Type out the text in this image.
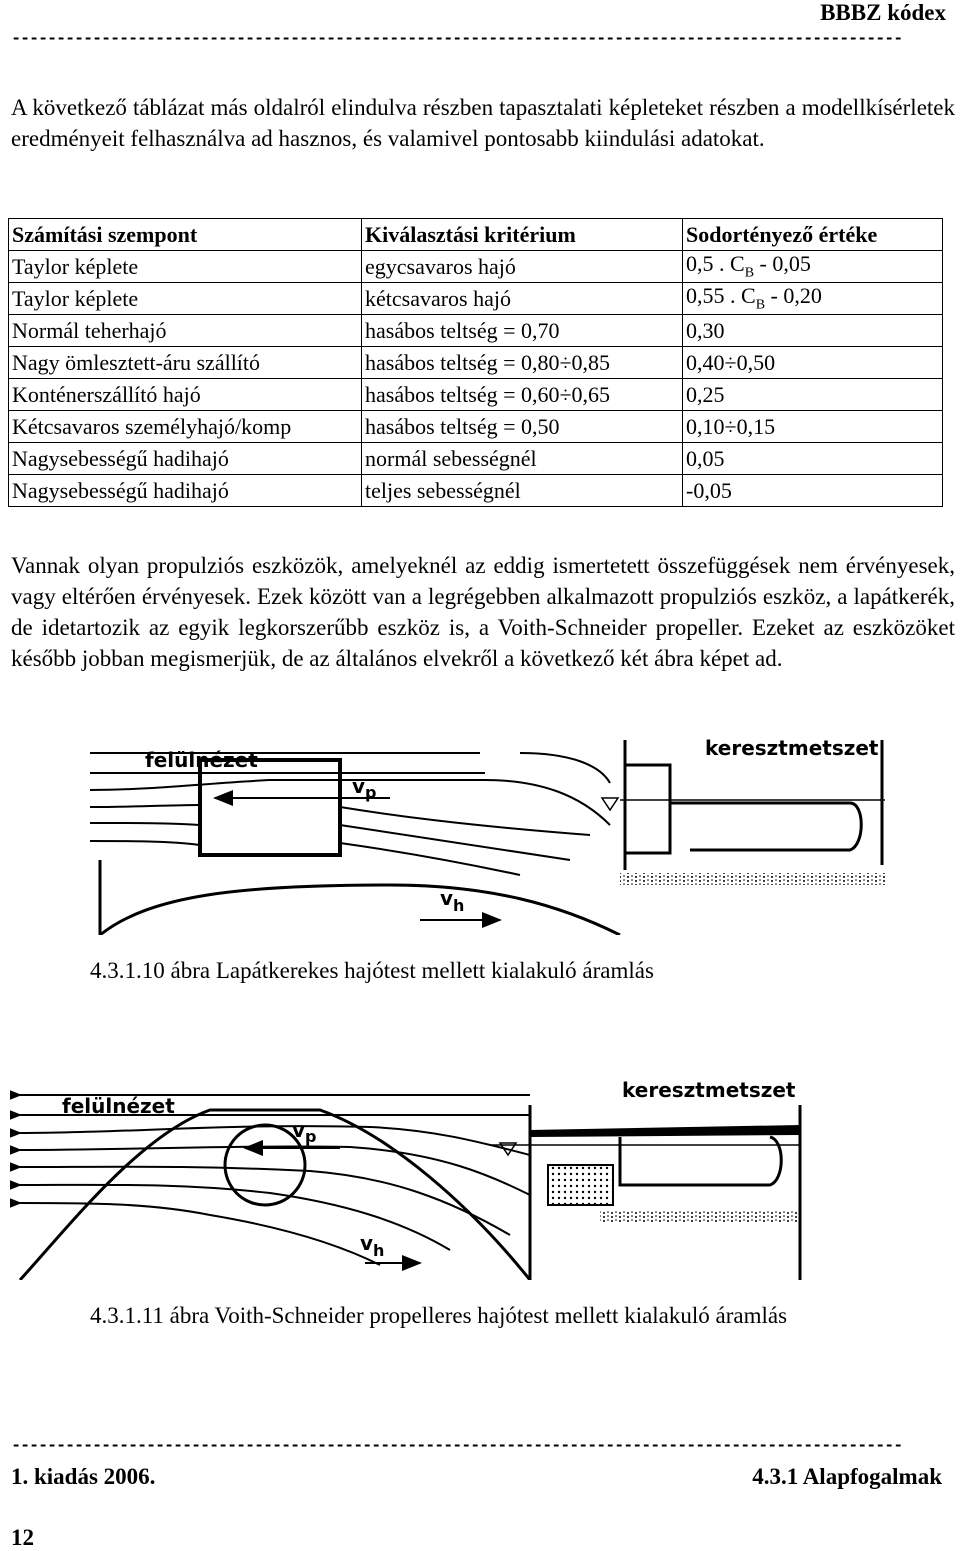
BBBZ kódex
---------------------------------------------------------------------------------------------------
A következő táblázat más oldalról elindulva részben tapasztalati képleteket részben a modellkísérletek eredményeit felhasználva ad hasznos, és valamivel pontosabb kiindulási adatokat.
Számítási szempont	Kiválasztási kritérium	Sodortényező értéke
Taylor képlete	egycsavaros hajó	0,5 . $C_B - 0,05$
Taylor képlete	kétcsavaros hajó	0,55 . $C_B - 0,20$
Normál teherhajó	hasábos teltség = 0,70	0,30
Nagy ömlesztett-áru szállító	hasábos teltség = 0,80÷0,85	0,40÷0,50
Konténerszállító hajó	hasábos teltség = 0,60÷0,65	0,25
Kétcsavaros személyhajó/komp	hasábos teltség = 0,50	0,10÷0,15
Nagysebességű hadihajó	normál sebességnél	0,05
Nagysebességű hadihajó	teljes sebességnél	-0,05
Vannak olyan propulziós eszközök, amelyeknél az eddig ismertetett összefüggések nem érvényesek, vagy eltérően érvényesek. Ezek között van a legrégebben alkalmazott propulziós eszköz, a lapátkerék, de idetartozik az egyik legkorszerűbb eszköz is, a Voith-Schneider propeller. Ezeket az eszközöket később jobban megismerjük, de az általános elvekről a következő két ábra képet ad.
$v_p$
felülnézet
$v_h$
keresztmetszet
4.3.1.10 ábra Lapátkerekes hajótest mellett kialakuló áramlás
$v_p$
felülnézet
$v_h$
keresztmetszet
4.3.1.11 ábra Voith-Schneider propelleres hajótest mellett kialakuló áramlás
---------------------------------------------------------------------------------------------------
1. kiadás 2006.	4.3.1 Alapfogalmak
12
